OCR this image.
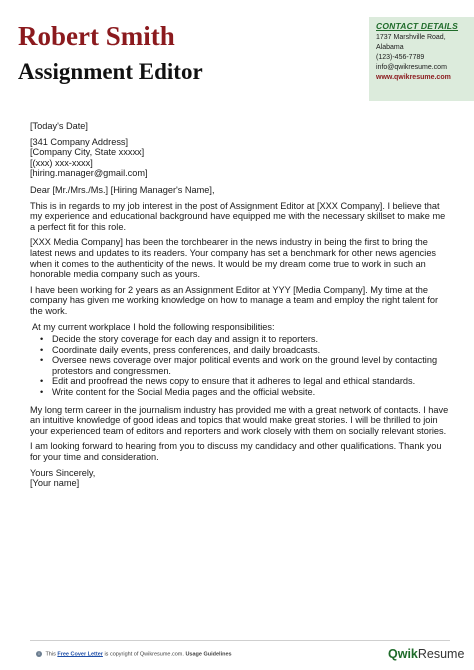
Robert Smith
Assignment Editor
CONTACT DETAILS
1737 Marshville Road,
Alabama
(123)-456-7789
info@qwikresume.com
www.qwikresume.com

[Today's Date]

[341 Company Address]
[Company City, State xxxxx]
[(xxx) xxx-xxxx]
[hiring.manager@gmail.com]

Dear [Mr./Mrs./Ms.] [Hiring Manager's Name],

This is in regards to my job interest in the post of Assignment Editor at [XXX Company]. I believe that my experience and educational background have equipped me with the necessary skillset to make me a perfect fit for this role.

[XXX Media Company] has been the torchbearer in the news industry in being the first to bring the latest news and updates to its readers. Your company has set a benchmark for other news agencies when it comes to the authenticity of the news. It would be my dream come true to work in such an honorable media company such as yours.

I have been working for 2 years as an Assignment Editor at YYY [Media Company]. My time at the company has given me working knowledge on how to manage a team and employ the right talent for the work.

At my current workplace I hold the following responsibilities:

• Decide the story coverage for each day and assign it to reporters.
• Coordinate daily events, press conferences, and daily broadcasts.
• Oversee news coverage over major political events and work on the ground level by contacting protestors and congressmen.
• Edit and proofread the news copy to ensure that it adheres to legal and ethical standards.
• Write content for the Social Media pages and the official website.

My long term career in the journalism industry has provided me with a great network of contacts. I have an intuitive knowledge of good ideas and topics that would make great stories. I will be thrilled to join your experienced team of editors and reporters and work closely with them on socially relevant stories.

I am looking forward to hearing from you to discuss my candidacy and other qualifications. Thank you for your time and consideration.

Yours Sincerely,
[Your name]
i This Free Cover Letter is copyright of Qwikresume.com. Usage Guidelines	QwikResume
